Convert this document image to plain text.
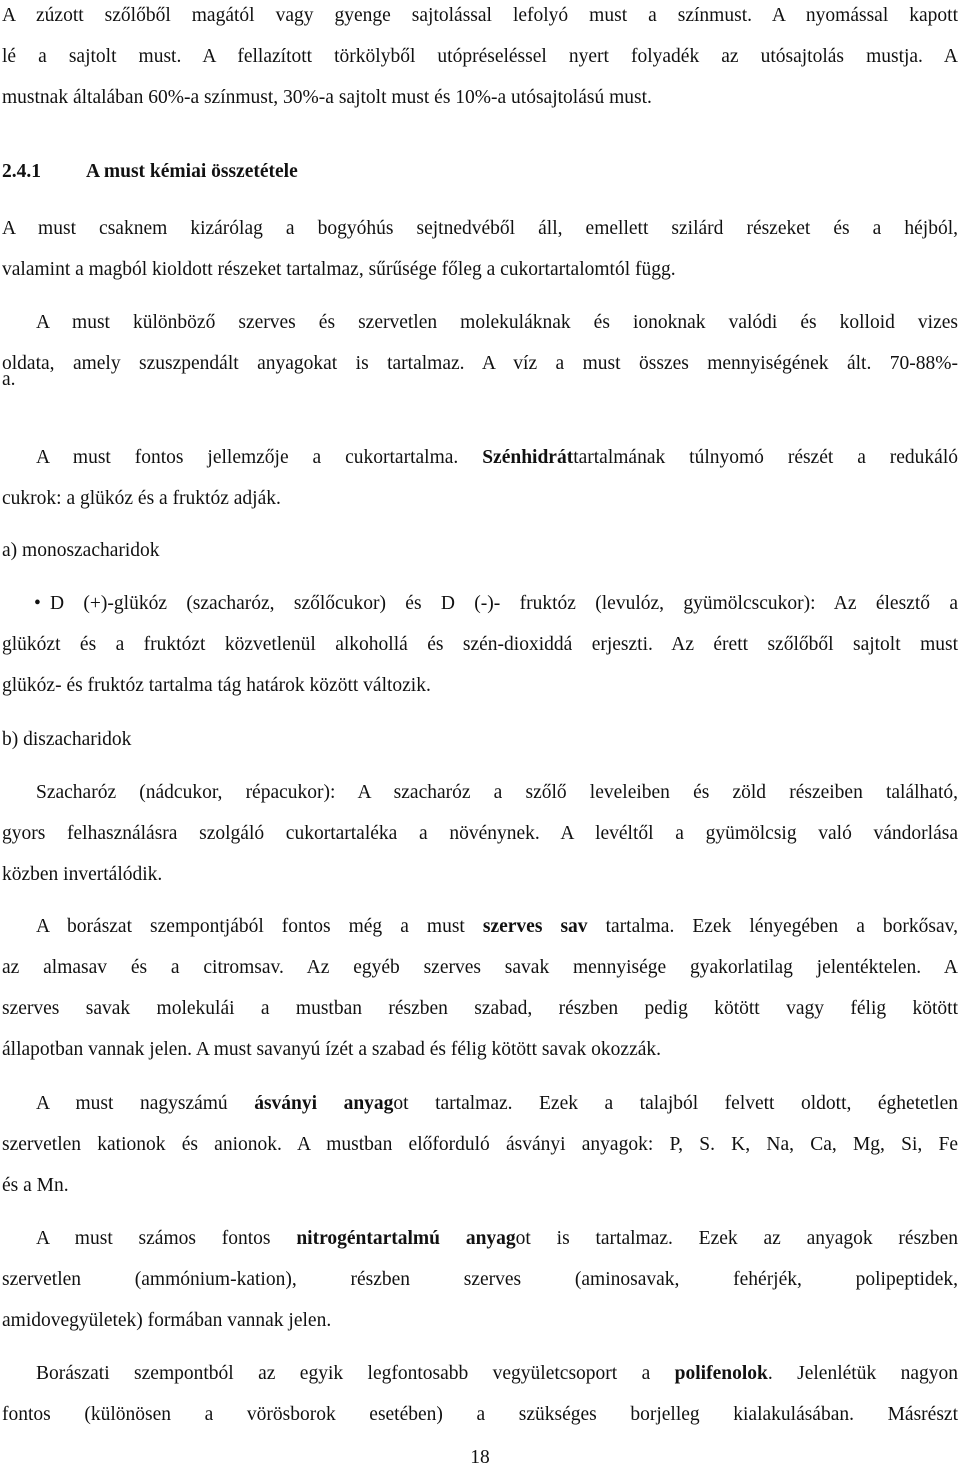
A zúzott szőlőből magától vagy gyenge sajtolással lefolyó must a színmust. A nyomással kapott
lé a sajtolt must. A fellazított törkölyből utópréseléssel nyert folyadék az utósajtolás mustja. A
mustnak általában 60%-a színmust, 30%-a sajtolt must és 10%-a utósajtolású must.
2.4.1 A must kémiai összetétele
A must csaknem kizárólag a bogyóhús sejtnedvéből áll, emellett szilárd részeket és a héjból,
valamint a magból kioldott részeket tartalmaz, sűrűsége főleg a cukortartalomtól függ.
A must különböző szerves és szervetlen molekuláknak és ionoknak valódi és kolloid vizes
oldata, amely szuszpendált anyagokat is tartalmaz. A víz a must összes mennyiségének ált. 70-88%-
a.
A must fontos jellemzője a cukortartalma. Szénhidráttartalmának túlnyomó részét a redukáló
cukrok: a glükóz és a fruktóz adják.
a) monoszacharidok
• D (+)-glükóz (szacharóz, szőlőcukor) és D (-)- fruktóz (levulóz, gyümölcscukor): Az élesztő a
glükózt és a fruktózt közvetlenül alkohollá és szén-dioxiddá erjeszti. Az érett szőlőből sajtolt must
glükóz- és fruktóz tartalma tág határok között változik.
b) diszacharidok
Szacharóz (nádcukor, répacukor): A szacharóz a szőlő leveleiben és zöld részeiben található,
gyors felhasználásra szolgáló cukortartaléka a növénynek. A levéltől a gyümölcsig való vándorlása
közben invertálódik.
A borászat szempontjából fontos még a must szerves sav tartalma. Ezek lényegében a borkősav,
az almasav és a citromsav. Az egyéb szerves savak mennyisége gyakorlatilag jelentéktelen. A
szerves savak molekulái a mustban részben szabad, részben pedig kötött vagy félig kötött
állapotban vannak jelen. A must savanyú ízét a szabad és félig kötött savak okozzák.
A must nagyszámú ásványi anyagot tartalmaz. Ezek a talajból felvett oldott, éghetetlen
szervetlen kationok és anionok. A mustban előforduló ásványi anyagok: P, S. K, Na, Ca, Mg, Si, Fe
és a Mn.
A must számos fontos nitrogéntartalmú anyagot is tartalmaz. Ezek az anyagok részben
szervetlen (ammónium-kation), részben szerves (aminosavak, fehérjék, polipeptidek,
amidovegyületek) formában vannak jelen.
Borászati szempontból az egyik legfontosabb vegyületcsoport a polifenolok. Jelenlétük nagyon
fontos (különösen a vörösborok esetében) a szükséges borjelleg kialakulásában. Másrészt
18
